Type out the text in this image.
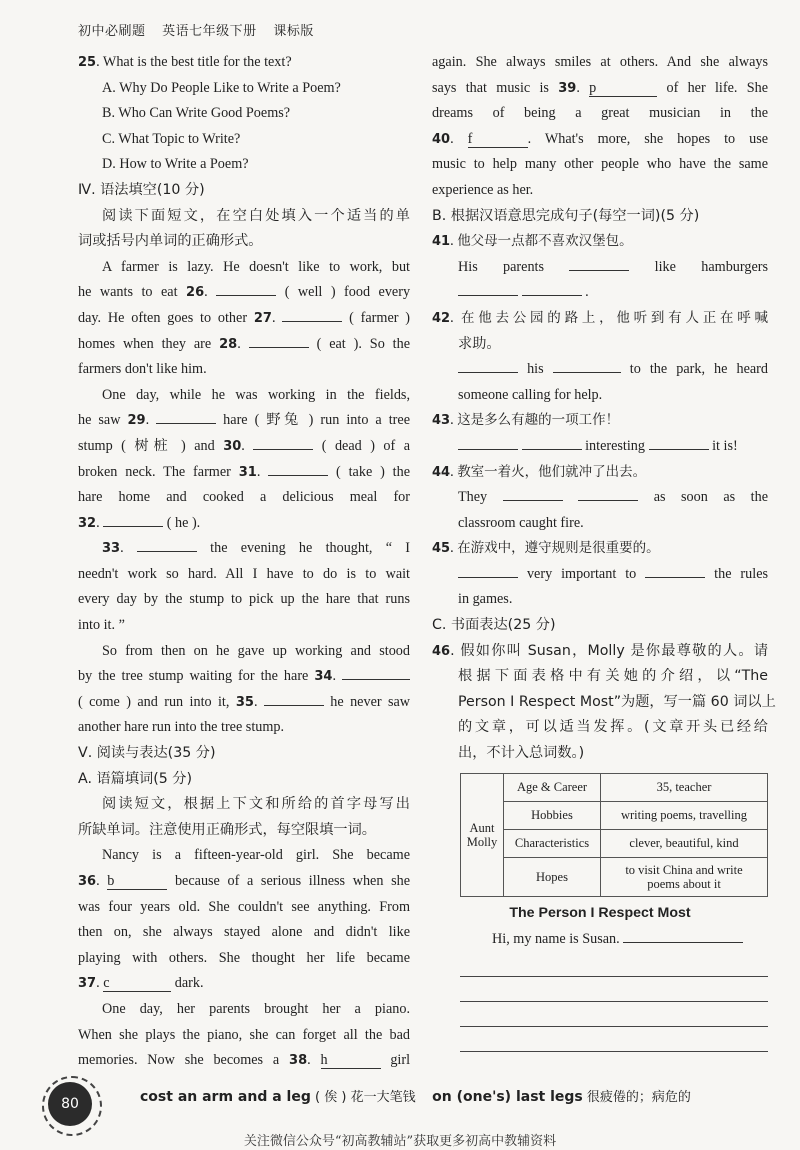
初中必刷题 英语七年级下册 课标版
25. What is the best title for the text?
A. Why Do People Like to Write a Poem?
B. Who Can Write Good Poems?
C. What Topic to Write?
D. How to Write a Poem?
Ⅳ. 语法填空(10 分)
阅读下面短文，在空白处填入一个适当的单
词或括号内单词的正确形式。
A farmer is lazy. He doesn't like to work, but
he wants to eat 26.	( well ) food every
day. He often goes to other 27.	( farmer )
homes when they are 28.	( eat ). So the
farmers don't like him.
One day, while he was working in the fields,
he saw 29.	hare ( 野兔 ) run into a tree
stump ( 树桩 ) and 30.	( dead ) of a
broken neck. The farmer 31.	( take ) the
hare home and cooked a delicious meal for
32.	( he ).
33.	the evening he thought, “ I
needn't work so hard. All I have to do is to wait
every day by the stump to pick up the hare that runs
into it. ”
So from then on he gave up working and stood
by the tree stump waiting for the hare 34.
( come ) and run into it, 35.	he never saw
another hare run into the tree stump.
Ⅴ. 阅读与表达(35 分)
A. 语篇填词(5 分)
阅读短文，根据上下文和所给的首字母写出
所缺单词。注意使用正确形式，每空限填一词。
Nancy is a fifteen-year-old girl. She became
36. b	because of a serious illness when she
was four years old. She couldn't see anything. From
then on, she always stayed alone and didn't like
playing with others. She thought her life became
37. c	dark.
One day, her parents brought her a piano.
When she plays the piano, she can forget all the bad
memories. Now she becomes a 38. h	girl
again. She always smiles at others. And she always
says that music is 39. p	of her life. She
dreams of being a great musician in the
40. f	. What's more, she hopes to use
music to help many other people who have the same
experience as her.
B. 根据汉语意思完成句子(每空一词)(5 分)
41. 他父母一点都不喜欢汉堡包。
His parents	like hamburgers
.
42. 在他去公园的路上，他听到有人正在呼喊
求助。
his	to the park, he heard
someone calling for help.
43. 这是多么有趣的一项工作！
interesting	it is!
44. 教室一着火，他们就冲了出去。
They	as soon as the
classroom caught fire.
45. 在游戏中，遵守规则是很重要的。
very important to	the rules
in games.
C. 书面表达(25 分)
46. 假如你叫 Susan，Molly 是你最尊敬的人。请
根据下面表格中有关她的介绍，以“The
Person I Respect Most”为题，写一篇 60 词以上
的文章，可以适当发挥。(文章开头已经给
出，不计入总词数。)
Aunt
Molly	Age & Career	35, teacher
	Hobbies	writing poems, travelling
	Characteristics	clever, beautiful, kind
	Hopes	to visit China and write
poems about it
The Person I Respect Most
Hi, my name is Susan.
80	cost an arm and a leg ( 俟 ) 花一大笔钱 on (one's) last legs 很疲倦的；病危的
关注微信公众号“初高教辅站”获取更多初高中教辅资料
